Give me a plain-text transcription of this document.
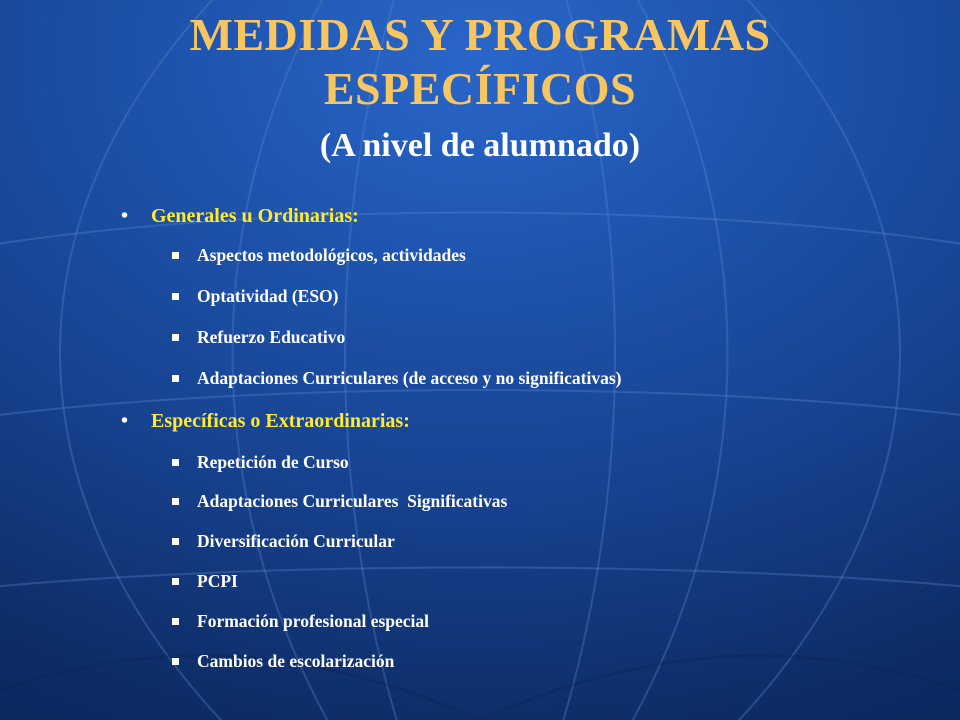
MEDIDAS Y PROGRAMAS
ESPECÍFICOS
(A nivel de alumnado)
• Generales u Ordinarias:
Aspectos metodológicos, actividades
Optatividad (ESO)
Refuerzo Educativo
Adaptaciones Curriculares (de acceso y no significativas)
• Específicas o Extraordinarias:
Repetición de Curso
Adaptaciones Curriculares  Significativas
Diversificación Curricular
PCPI
Formación profesional especial
Cambios de escolarización
